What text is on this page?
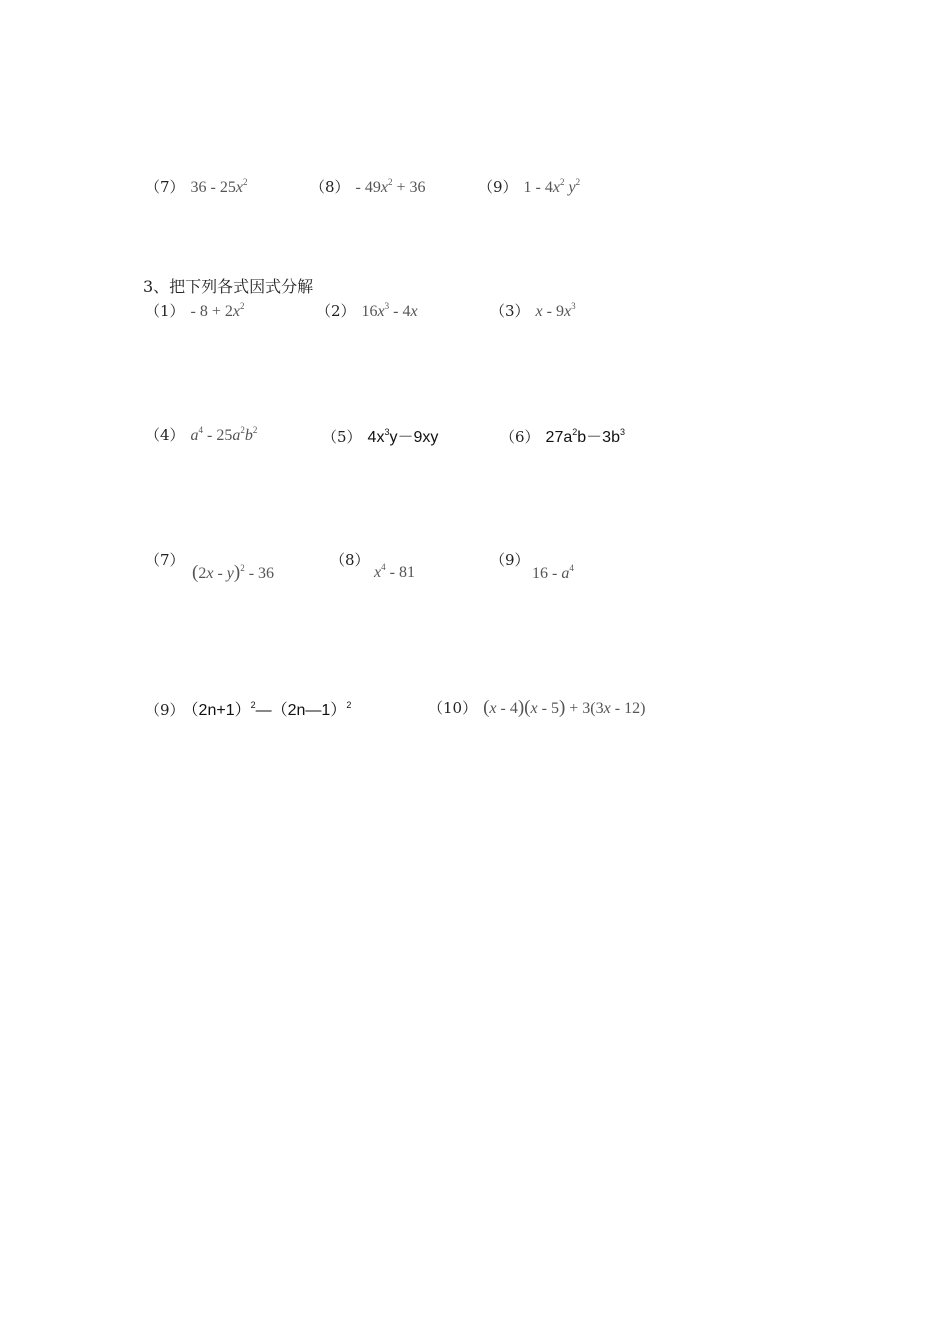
（7） $36 - 25x^2$	$(8) - 49x^2 + 36$	（9） $1 - 4x^2$ $y^2$
3、把下列各式因式分解
$(1) - 8 + 2x^2$	（2） $16x^3 - 4x$	（3） x - $9x^3$
（4） $a^4 - 25a^2b^2$	（5） $4x^3y-9xy$	（6） $27a^2b-3b^3$
（7）
(2x - y)$^2$ - 36
（8）
$x^4 - 81$
（9）
$16 - a^4$
（9） $(2n+1)^2—(2n—1)^2$	（10） (x - 4)(x - 5) + 3(3x - 12)
